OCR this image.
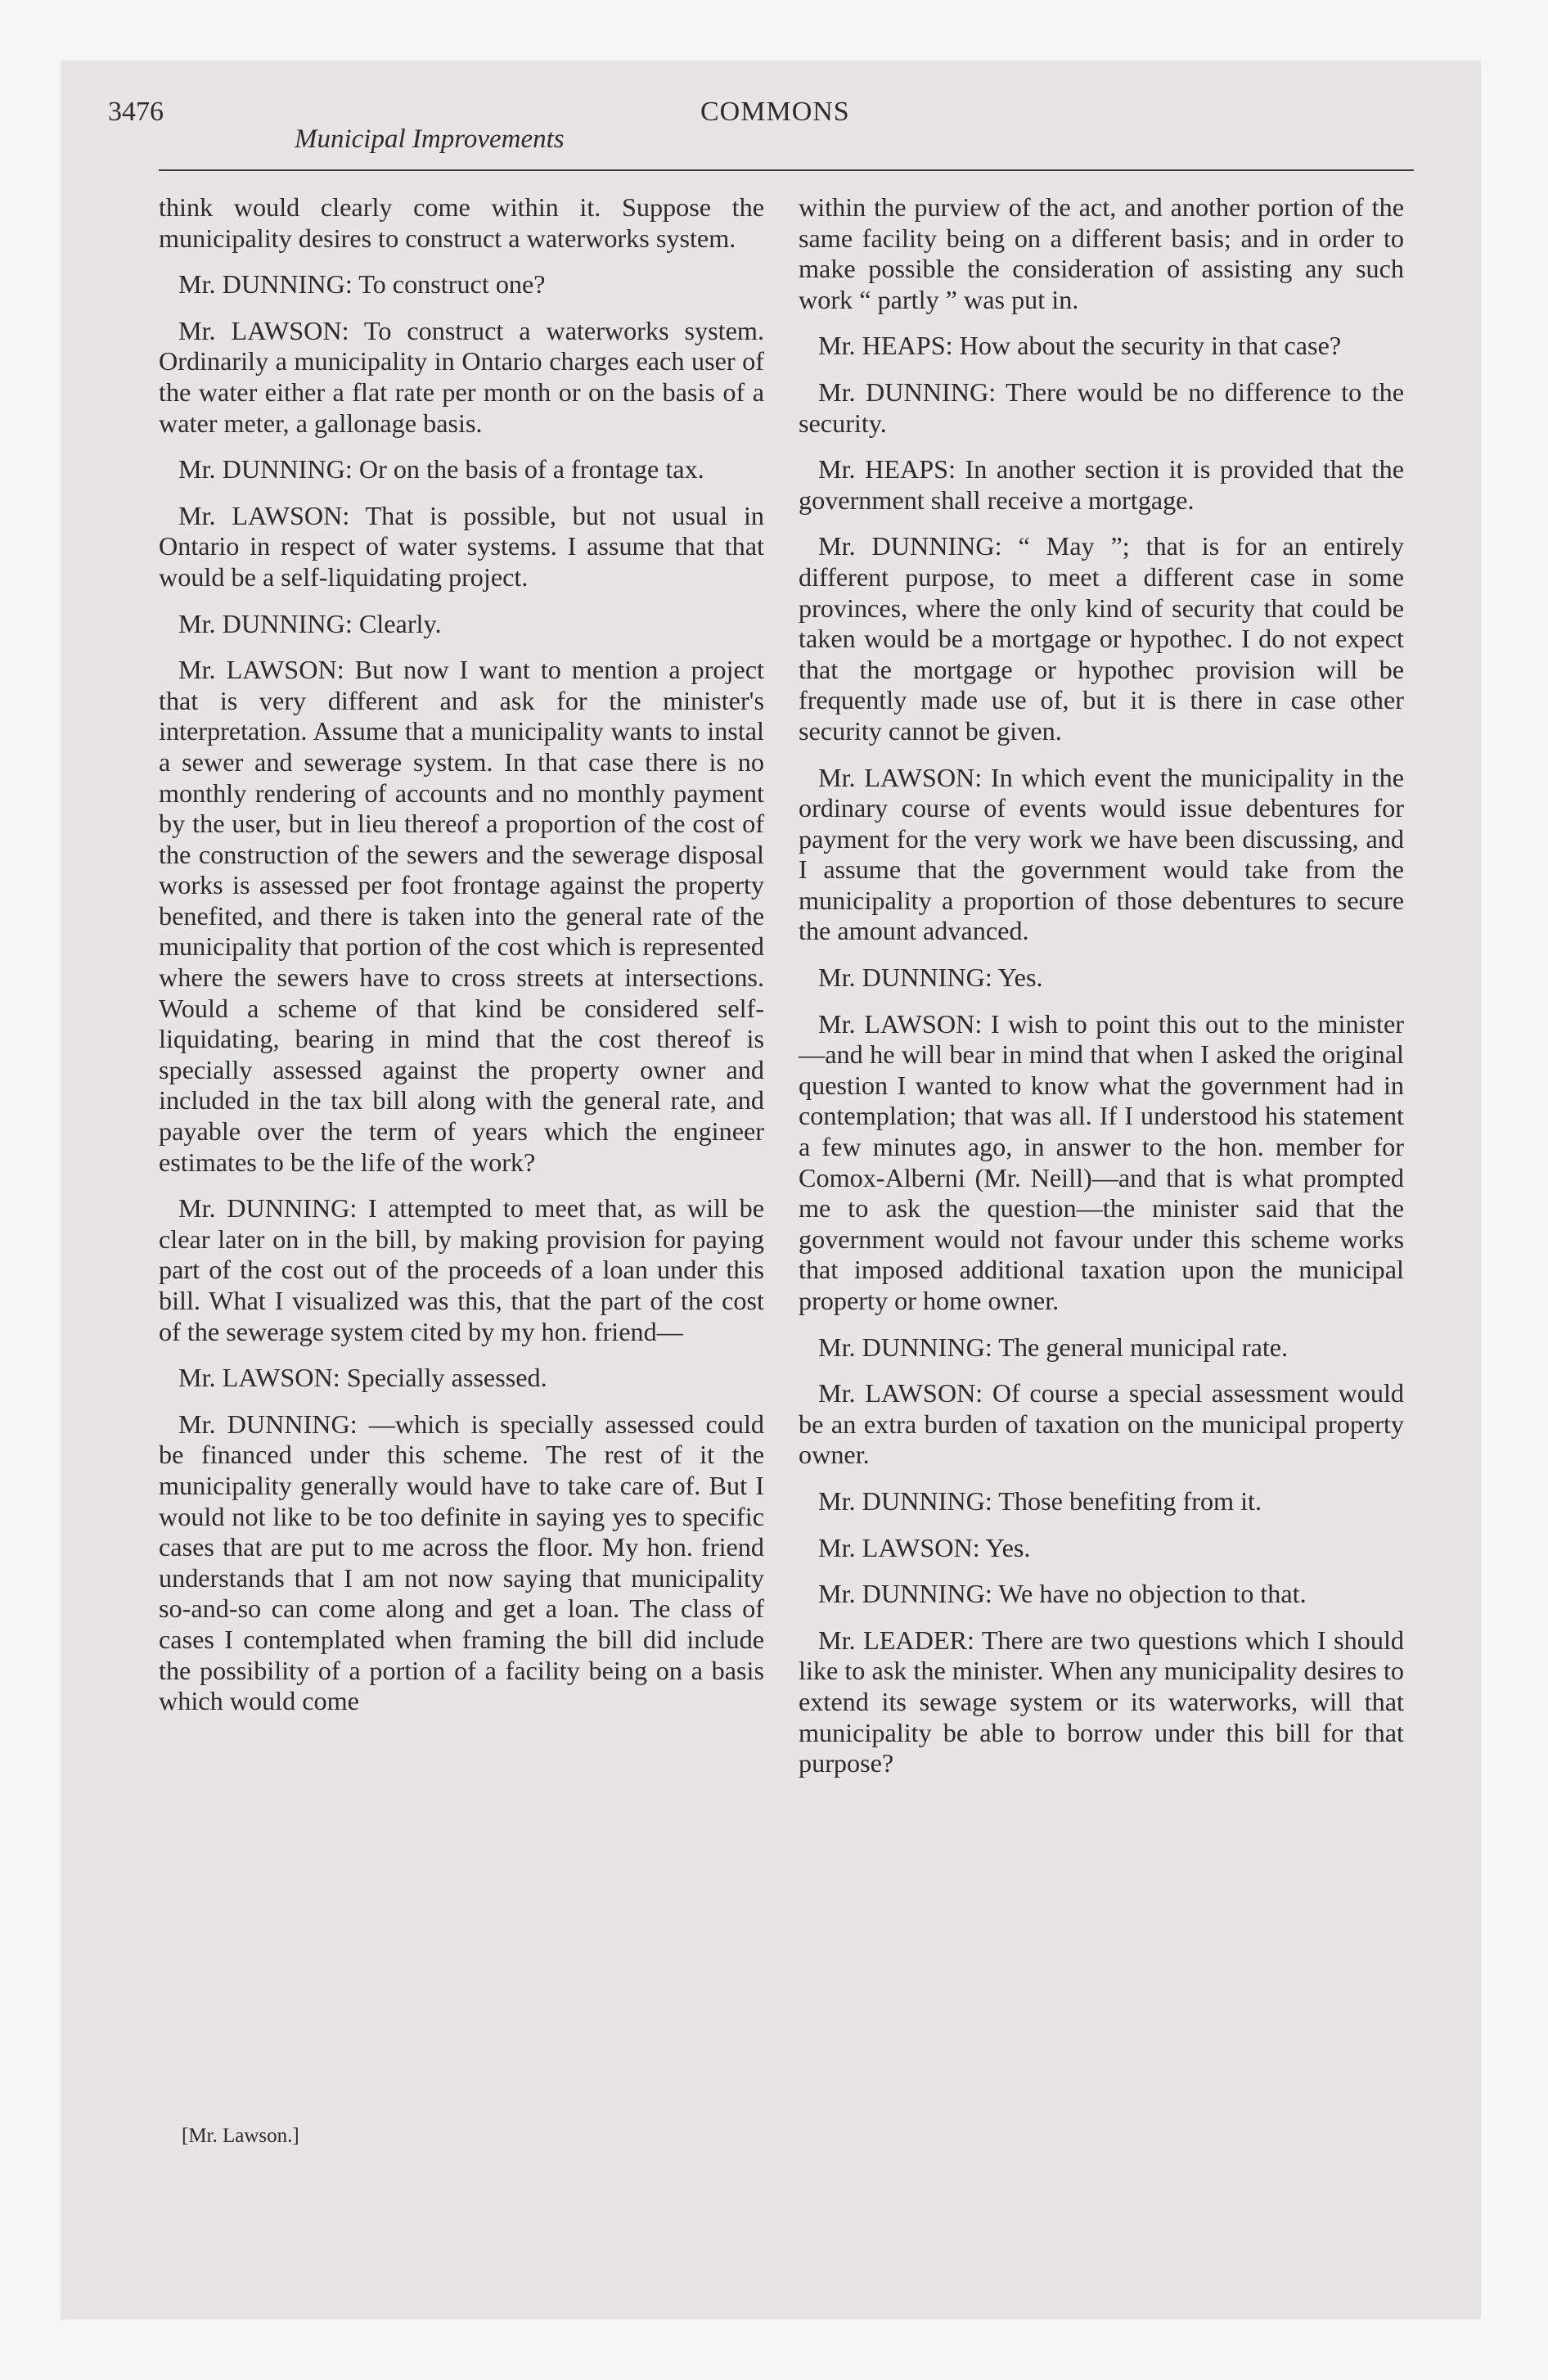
3476	COMMONS
Municipal Improvements

think would clearly come within it. Suppose the municipality desires to construct a waterworks system.

Mr. DUNNING: To construct one?

Mr. LAWSON: To construct a waterworks system. Ordinarily a municipality in Ontario charges each user of the water either a flat rate per month or on the basis of a water meter, a gallonage basis.

Mr. DUNNING: Or on the basis of a frontage tax.

Mr. LAWSON: That is possible, but not usual in Ontario in respect of water systems. I assume that that would be a self-liquidating project.

Mr. DUNNING: Clearly.

Mr. LAWSON: But now I want to mention a project that is very different and ask for the minister's interpretation. Assume that a municipality wants to instal a sewer and sewerage system. In that case there is no monthly rendering of accounts and no monthly payment by the user, but in lieu thereof a proportion of the cost of the construction of the sewers and the sewerage disposal works is assessed per foot frontage against the property benefited, and there is taken into the general rate of the municipality that portion of the cost which is represented where the sewers have to cross streets at intersections. Would a scheme of that kind be considered self-liquidating, bearing in mind that the cost thereof is specially assessed against the property owner and included in the tax bill along with the general rate, and payable over the term of years which the engineer estimates to be the life of the work?

Mr. DUNNING: I attempted to meet that, as will be clear later on in the bill, by making provision for paying part of the cost out of the proceeds of a loan under this bill. What I visualized was this, that the part of the cost of the sewerage system cited by my hon. friend—

Mr. LAWSON: Specially assessed.

Mr. DUNNING: —which is specially assessed could be financed under this scheme. The rest of it the municipality generally would have to take care of. But I would not like to be too definite in saying yes to specific cases that are put to me across the floor. My hon. friend understands that I am not now saying that municipality so-and-so can come along and get a loan. The class of cases I contemplated when framing the bill did include the possibility of a portion of a facility being on a basis which would come

[Mr. Lawson.]

within the purview of the act, and another portion of the same facility being on a different basis; and in order to make possible the consideration of assisting any such work “ partly ” was put in.

Mr. HEAPS: How about the security in that case?

Mr. DUNNING: There would be no difference to the security.

Mr. HEAPS: In another section it is provided that the government shall receive a mortgage.

Mr. DUNNING: “ May ”; that is for an entirely different purpose, to meet a different case in some provinces, where the only kind of security that could be taken would be a mortgage or hypothec. I do not expect that the mortgage or hypothec provision will be frequently made use of, but it is there in case other security cannot be given.

Mr. LAWSON: In which event the municipality in the ordinary course of events would issue debentures for payment for the very work we have been discussing, and I assume that the government would take from the municipality a proportion of those debentures to secure the amount advanced.

Mr. DUNNING: Yes.

Mr. LAWSON: I wish to point this out to the minister—and he will bear in mind that when I asked the original question I wanted to know what the government had in contemplation; that was all. If I understood his statement a few minutes ago, in answer to the hon. member for Comox-Alberni (Mr. Neill)—and that is what prompted me to ask the question—the minister said that the government would not favour under this scheme works that imposed additional taxation upon the municipal property or home owner.

Mr. DUNNING: The general municipal rate.

Mr. LAWSON: Of course a special assessment would be an extra burden of taxation on the municipal property owner.

Mr. DUNNING: Those benefiting from it.

Mr. LAWSON: Yes.

Mr. DUNNING: We have no objection to that.

Mr. LEADER: There are two questions which I should like to ask the minister. When any municipality desires to extend its sewage system or its waterworks, will that municipality be able to borrow under this bill for that purpose?
